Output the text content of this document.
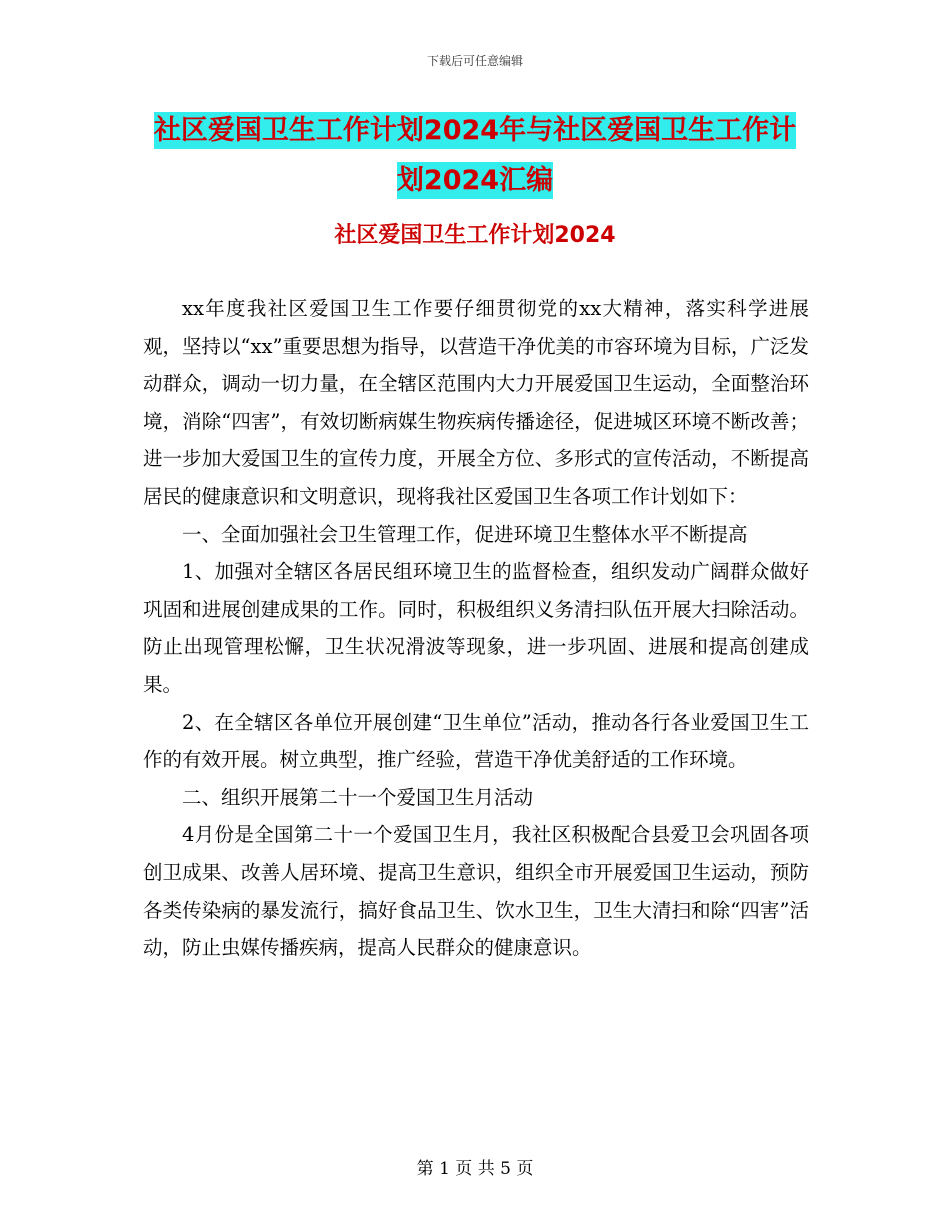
下载后可任意编辑
社区爱国卫生工作计划2024年与社区爱国卫生工作计
划2024汇编
社区爱国卫生工作计划2024

xx年度我社区爱国卫生工作要仔细贯彻党的xx大精神，落实科学进展观，坚持以“xx”重要思想为指导，以营造干净优美的市容环境为目标，广泛发动群众，调动一切力量，在全辖区范围内大力开展爱国卫生运动，全面整治环境，消除“四害”，有效切断病媒生物疾病传播途径，促进城区环境不断改善；进一步加大爱国卫生的宣传力度，开展全方位、多形式的宣传活动，不断提高居民的健康意识和文明意识，现将我社区爱国卫生各项工作计划如下：

一、全面加强社会卫生管理工作，促进环境卫生整体水平不断提高

1、加强对全辖区各居民组环境卫生的监督检查，组织发动广阔群众做好巩固和进展创建成果的工作。同时，积极组织义务清扫队伍开展大扫除活动。防止出现管理松懈，卫生状况滑波等现象，进一步巩固、进展和提高创建成果。

2、在全辖区各单位开展创建“卫生单位”活动，推动各行各业爱国卫生工作的有效开展。树立典型，推广经验，营造干净优美舒适的工作环境。

二、组织开展第二十一个爱国卫生月活动

4月份是全国第二十一个爱国卫生月，我社区积极配合县爱卫会巩固各项创卫成果、改善人居环境、提高卫生意识，组织全市开展爱国卫生运动，预防各类传染病的暴发流行，搞好食品卫生、饮水卫生，卫生大清扫和除“四害”活动，防止虫媒传播疾病，提高人民群众的健康意识。

第 1 页 共 5 页
